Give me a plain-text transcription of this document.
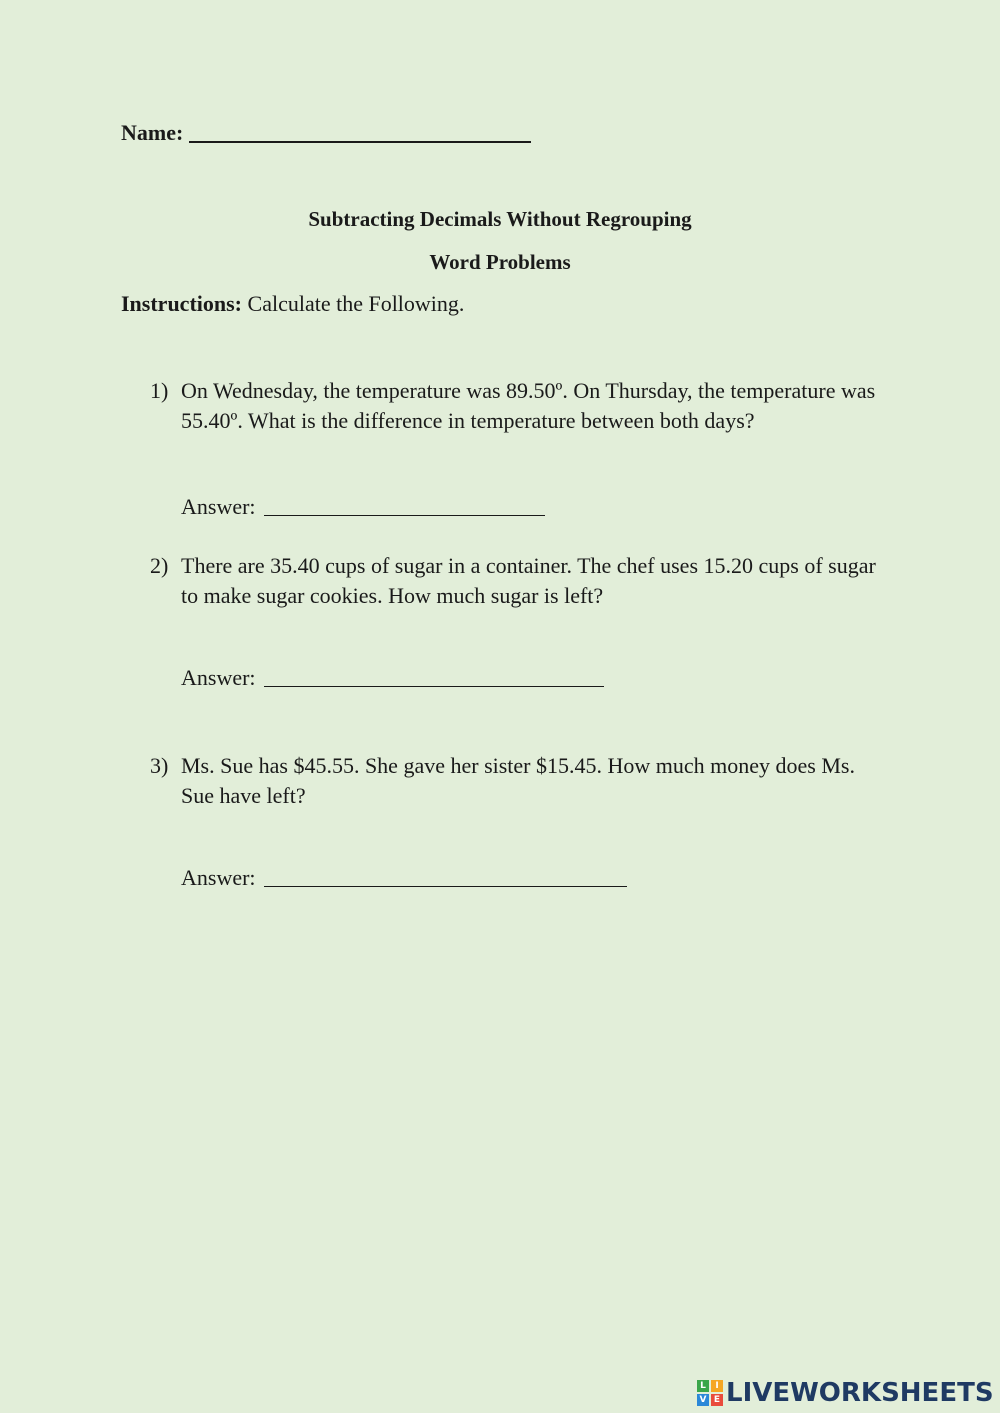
Name:
Subtracting Decimals Without Regrouping
Word Problems
Instructions: Calculate the Following.
1) On Wednesday, the temperature was 89.50º. On Thursday, the temperature was 55.40º. What is the difference in temperature between both days?
Answer:
2) There are 35.40 cups of sugar in a container. The chef uses 15.20 cups of sugar to make sugar cookies. How much sugar is left?
Answer:
3) Ms. Sue has $45.55. She gave her sister $15.45. How much money does Ms. Sue have left?
Answer:
L	I
V E LIVEWORKSHEETS
